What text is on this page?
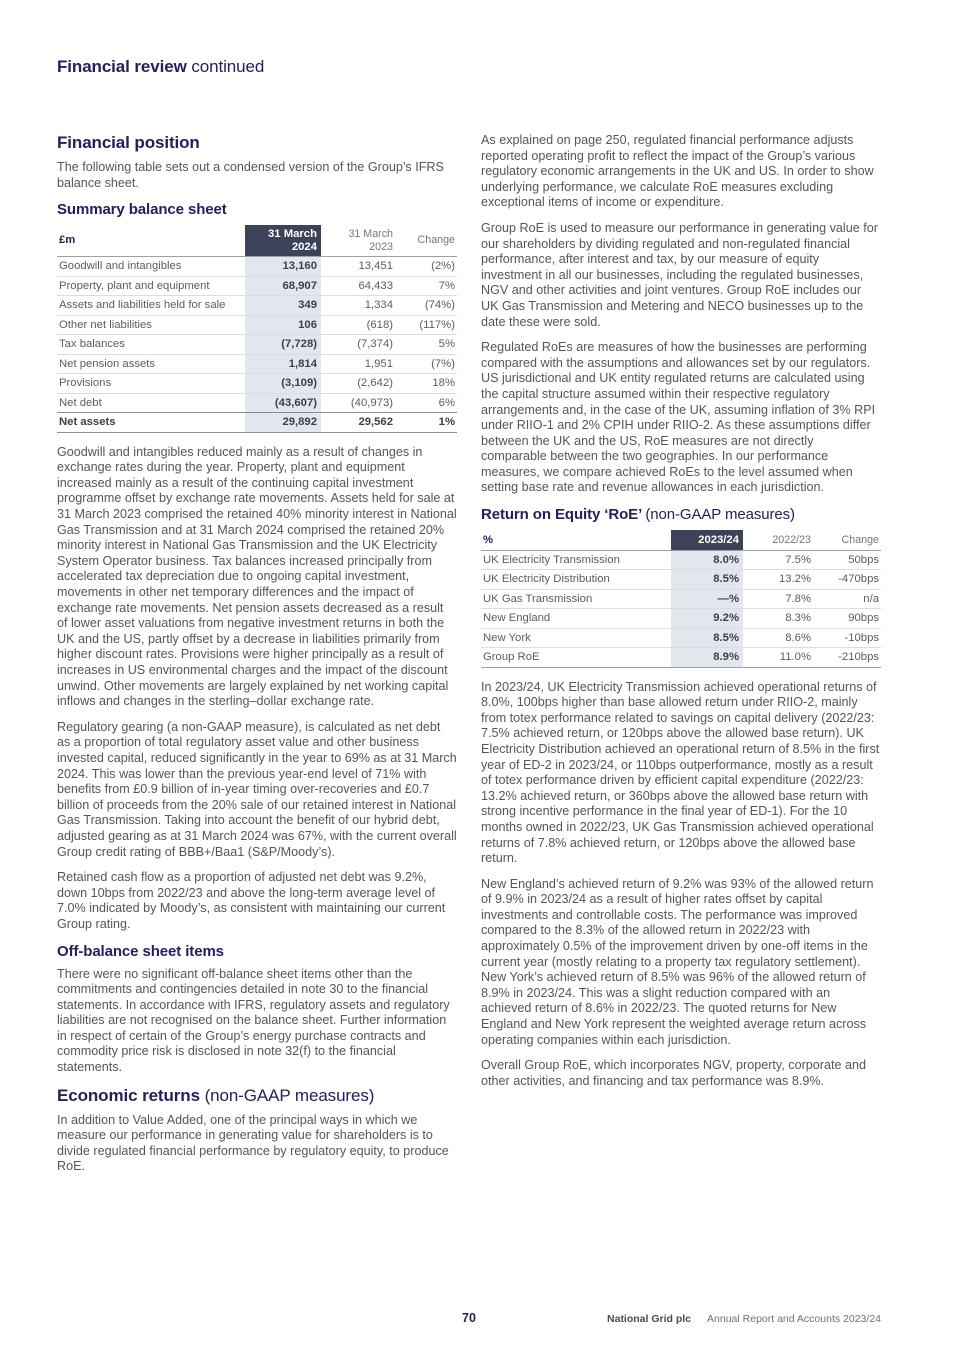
Financial review continued
Financial position

The following table sets out a condensed version of the Group’s IFRS balance sheet.

Summary balance sheet
£m	31 March 2024	31 March 2023	Change
Goodwill and intangibles	13,160	13,451	(2%)
Property, plant and equipment	68,907	64,433	7%
Assets and liabilities held for sale	349	1,334	(74%)
Other net liabilities	106	(618)	(117%)
Tax balances	(7,728)	(7,374)	5%
Net pension assets	1,814	1,951	(7%)
Provisions	(3,109)	(2,642)	18%
Net debt	(43,607)	(40,973)	6%
Net assets	29,892	29,562	1%

Goodwill and intangibles reduced mainly as a result of changes in exchange rates during the year. Property, plant and equipment increased mainly as a result of the continuing capital investment programme offset by exchange rate movements. Assets held for sale at 31 March 2023 comprised the retained 40% minority interest in National Gas Transmission and at 31 March 2024 comprised the retained 20% minority interest in National Gas Transmission and the UK Electricity System Operator business. Tax balances increased principally from accelerated tax depreciation due to ongoing capital investment, movements in other net temporary differences and the impact of exchange rate movements. Net pension assets decreased as a result of lower asset valuations from negative investment returns in both the UK and the US, partly offset by a decrease in liabilities primarily from higher discount rates. Provisions were higher principally as a result of increases in US environmental charges and the impact of the discount unwind. Other movements are largely explained by net working capital inflows and changes in the sterling–dollar exchange rate.

Regulatory gearing (a non-GAAP measure), is calculated as net debt as a proportion of total regulatory asset value and other business invested capital, reduced significantly in the year to 69% as at 31 March 2024. This was lower than the previous year-end level of 71% with benefits from £0.9 billion of in-year timing over-recoveries and £0.7 billion of proceeds from the 20% sale of our retained interest in National Gas Transmission. Taking into account the benefit of our hybrid debt, adjusted gearing as at 31 March 2024 was 67%, with the current overall Group credit rating of BBB+/Baa1 (S&P/Moody’s).

Retained cash flow as a proportion of adjusted net debt was 9.2%, down 10bps from 2022/23 and above the long-term average level of 7.0% indicated by Moody’s, as consistent with maintaining our current Group rating.

Off-balance sheet items

There were no significant off-balance sheet items other than the commitments and contingencies detailed in note 30 to the financial statements. In accordance with IFRS, regulatory assets and regulatory liabilities are not recognised on the balance sheet. Further information in respect of certain of the Group’s energy purchase contracts and commodity price risk is disclosed in note 32(f) to the financial statements.

Economic returns (non-GAAP measures)

In addition to Value Added, one of the principal ways in which we measure our performance in generating value for shareholders is to divide regulated financial performance by regulatory equity, to produce RoE.

As explained on page 250, regulated financial performance adjusts reported operating profit to reflect the impact of the Group’s various regulatory economic arrangements in the UK and US. In order to show underlying performance, we calculate RoE measures excluding exceptional items of income or expenditure.

Group RoE is used to measure our performance in generating value for our shareholders by dividing regulated and non-regulated financial performance, after interest and tax, by our measure of equity investment in all our businesses, including the regulated businesses, NGV and other activities and joint ventures. Group RoE includes our UK Gas Transmission and Metering and NECO businesses up to the date these were sold.

Regulated RoEs are measures of how the businesses are performing compared with the assumptions and allowances set by our regulators. US jurisdictional and UK entity regulated returns are calculated using the capital structure assumed within their respective regulatory arrangements and, in the case of the UK, assuming inflation of 3% RPI under RIIO-1 and 2% CPIH under RIIO-2. As these assumptions differ between the UK and the US, RoE measures are not directly comparable between the two geographies. In our performance measures, we compare achieved RoEs to the level assumed when setting base rate and revenue allowances in each jurisdiction.

Return on Equity ‘RoE’ (non-GAAP measures)
%	2023/24	2022/23	Change
UK Electricity Transmission	8.0%	7.5%	50bps
UK Electricity Distribution	8.5%	13.2%	-470bps
UK Gas Transmission	—%	7.8%	n/a
New England	9.2%	8.3%	90bps
New York	8.5%	8.6%	-10bps
Group RoE	8.9%	11.0%	-210bps

In 2023/24, UK Electricity Transmission achieved operational returns of 8.0%, 100bps higher than base allowed return under RIIO-2, mainly from totex performance related to savings on capital delivery (2022/23: 7.5% achieved return, or 120bps above the allowed base return). UK Electricity Distribution achieved an operational return of 8.5% in the first year of ED-2 in 2023/24, or 110bps outperformance, mostly as a result of totex performance driven by efficient capital expenditure (2022/23: 13.2% achieved return, or 360bps above the allowed base return with strong incentive performance in the final year of ED-1). For the 10 months owned in 2022/23, UK Gas Transmission achieved operational returns of 7.8% achieved return, or 120bps above the allowed base return.

New England’s achieved return of 9.2% was 93% of the allowed return of 9.9% in 2023/24 as a result of higher rates offset by capital investments and controllable costs. The performance was improved compared to the 8.3% of the allowed return in 2022/23 with approximately 0.5% of the improvement driven by one-off items in the current year (mostly relating to a property tax regulatory settlement). New York’s achieved return of 8.5% was 96% of the allowed return of 8.9% in 2023/24. This was a slight reduction compared with an achieved return of 8.6% in 2022/23. The quoted returns for New England and New York represent the weighted average return across operating companies within each jurisdiction.

Overall Group RoE, which incorporates NGV, property, corporate and other activities, and financing and tax performance was 8.9%.

70	National Grid plc Annual Report and Accounts 2023/24
